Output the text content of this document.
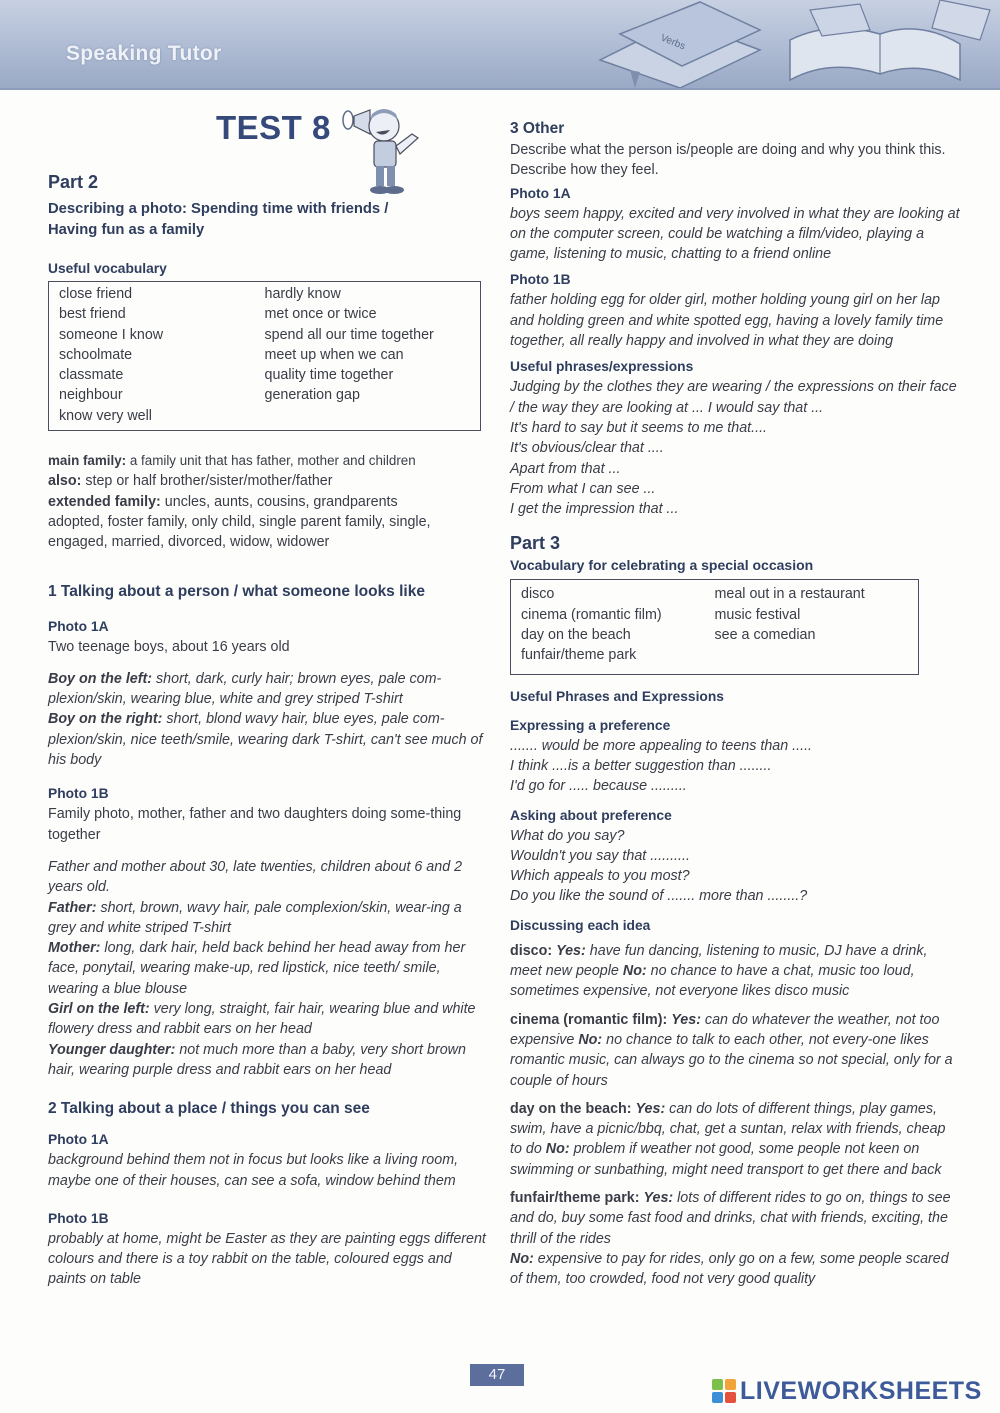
Speaking Tutor	Verbs
TEST 8
Part 2
Describing a photo: Spending time with friends /
Having fun as a family
Useful vocabulary
close friend
best friend
someone I know
schoolmate
classmate
neighbour
know very well
hardly know
met once or twice
spend all our time together
meet up when we can
quality time together
generation gap

main family: a family unit that has father, mother and children

also: step or half brother/sister/mother/father

extended family: uncles, aunts, cousins, grandparents

adopted, foster family, only child, single parent family, single,

engaged, married, divorced, widow, widower

1 Talking about a person / what someone looks like
Photo 1A

Two teenage boys, about 16 years old

Boy on the left: short, dark, curly hair; brown eyes, pale com-plexion/skin, wearing blue, white and grey striped T-shirt

Boy on the right: short, blond wavy hair, blue eyes, pale com-plexion/skin, nice teeth/smile, wearing dark T-shirt, can't see much of his body

Photo 1B

Family photo, mother, father and two daughters doing some-thing together

Father and mother about 30, late twenties, children about 6 and 2 years old.

Father: short, brown, wavy hair, pale complexion/skin, wear-ing a grey and white striped T-shirt

Mother: long, dark hair, held back behind her head away from her face, ponytail, wearing make-up, red lipstick, nice teeth/ smile, wearing a blue blouse

Girl on the left: very long, straight, fair hair, wearing blue and white flowery dress and rabbit ears on her head

Younger daughter: not much more than a baby, very short brown hair, wearing purple dress and rabbit ears on her head

2 Talking about a place / things you can see
Photo 1A

background behind them not in focus but looks like a living room, maybe one of their houses, can see a sofa, window behind them

Photo 1B

probably at home, might be Easter as they are painting eggs different colours and there is a toy rabbit on the table, coloured eggs and paints on table

3 Other

Describe what the person is/people are doing and why you think this. Describe how they feel.

Photo 1A

boys seem happy, excited and very involved in what they are looking at on the computer screen, could be watching a film/video, playing a game, listening to music, chatting to a friend online

Photo 1B

father holding egg for older girl, mother holding young girl on her lap and holding green and white spotted egg, having a lovely family time together, all really happy and involved in what they are doing

Useful phrases/expressions

Judging by the clothes they are wearing / the expressions on their face / the way they are looking at ... I would say that ...

It's hard to say but it seems to me that....

It's obvious/clear that ....

Apart from that ...

From what I can see ...

I get the impression that ...

Part 3
Vocabulary for celebrating a special occasion
disco
cinema (romantic film)
day on the beach
funfair/theme park
meal out in a restaurant
music festival
see a comedian
Useful Phrases and Expressions
Expressing a preference

....... would be more appealing to teens than .....

I think ....is a better suggestion than ........

I'd go for ..... because .........

Asking about preference

What do you say?

Wouldn't you say that ..........

Which appeals to you most?

Do you like the sound of ....... more than ........?

Discussing each idea

disco: Yes: have fun dancing, listening to music, DJ have a drink, meet new people No: no chance to have a chat, music too loud, sometimes expensive, not everyone likes disco music

cinema (romantic film): Yes: can do whatever the weather, not too expensive No: no chance to talk to each other, not every-one likes romantic music, can always go to the cinema so not special, only for a couple of hours

day on the beach: Yes: can do lots of different things, play games, swim, have a picnic/bbq, chat, get a suntan, relax with friends, cheap to do No: problem if weather not good, some people not keen on swimming or sunbathing, might need transport to get there and back

funfair/theme park: Yes: lots of different rides to go on, things to see and do, buy some fast food and drinks, chat with friends, exciting, the thrill of the rides

No: expensive to pay for rides, only go on a few, some people scared of them, too crowded, food not very good quality

47
LIVEWORKSHEETS
